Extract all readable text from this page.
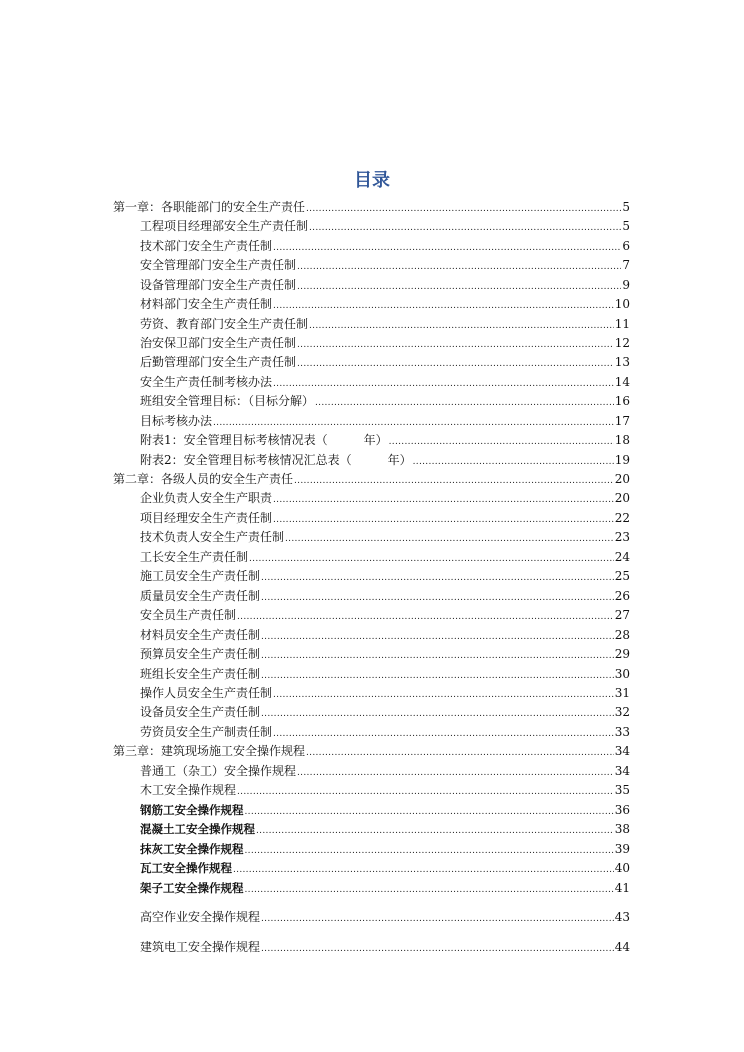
目录
第一章：各职能部门的安全生产责任 .....	5
工程项目经理部安全生产责任制 .....	5
技术部门安全生产责任制 .....	6
安全管理部门安全生产责任制 .....	7
设备管理部门安全生产责任制 .....	9
材料部门安全生产责任制 .....	10
劳资、教育部门安全生产责任制 .....	11
治安保卫部门安全生产责任制 .....	12
后勤管理部门安全生产责任制 .....	13
安全生产责任制考核办法 .....	14
班组安全管理目标：（目标分解） .....	16
目标考核办法 .....	17
附表1：安全管理目标考核情况表（　　　年） .....	18
附表2：安全管理目标考核情况汇总表（　　　年） .....	19
第二章：各级人员的安全生产责任 .....	20
企业负责人安全生产职责 .....	20
项目经理安全生产责任制 .....	22
技术负责人安全生产责任制 .....	23
工长安全生产责任制 .....	24
施工员安全生产责任制 .....	25
质量员安全生产责任制 .....	26
安全员生产责任制 .....	27
材料员安全生产责任制 .....	28
预算员安全生产责任制 .....	29
班组长安全生产责任制 .....	30
操作人员安全生产责任制 .....	31
设备员安全生产责任制 .....	32
劳资员安全生产制责任制 .....	33
第三章：建筑现场施工安全操作规程 .....	34
普通工（杂工）安全操作规程 .....	34
木工安全操作规程 .....	35
钢筋工安全操作规程 .....	36
混凝土工安全操作规程 .....	38
抹灰工安全操作规程 .....	39
瓦工安全操作规程 .....	40
架子工安全操作规程 .....	41
高空作业安全操作规程 .....	43
建筑电工安全操作规程 .....	44
